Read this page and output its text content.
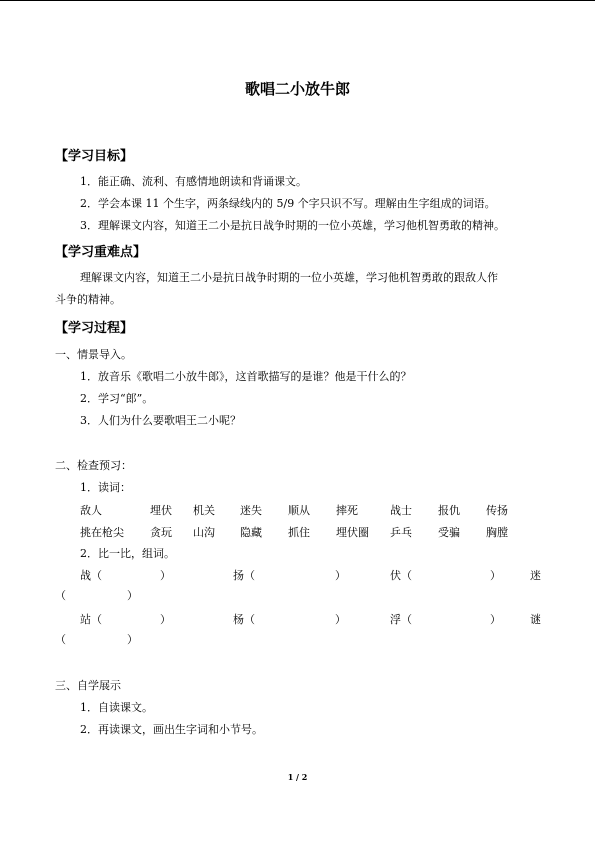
歌唱二小放牛郎
【学习目标】
1．能正确、流利、有感情地朗读和背诵课文。
2．学会本课 11 个生字，两条绿线内的 5/9 个字只识不写。理解由生字组成的词语。
3．理解课文内容，知道王二小是抗日战争时期的一位小英雄，学习他机智勇敢的精神。
【学习重难点】
理解课文内容，知道王二小是抗日战争时期的一位小英雄，学习他机智勇敢的跟敌人作
斗争的精神。
【学习过程】
一、情景导入。
1．放音乐《歌唱二小放牛郎》，这首歌描写的是谁？他是干什么的？
2．学习“郎”。
3．人们为什么要歌唱王二小呢？
二、检查预习：
1．读词：
敌人	埋伏 机关 迷失 顺从 摔死	战士 报仇 传扬
挑在枪尖 贪玩 山沟 隐藏 抓住 埋伏圈 乒乓 受骗 胸膛
2．比一比，组词。
战（	）	扬（	）	伏（	）	迷
（	）
站（	）	杨（	）	浮（	）	谜
（	）
三、自学展示
1．自读课文。
2．再读课文，画出生字词和小节号。
1 / 2
